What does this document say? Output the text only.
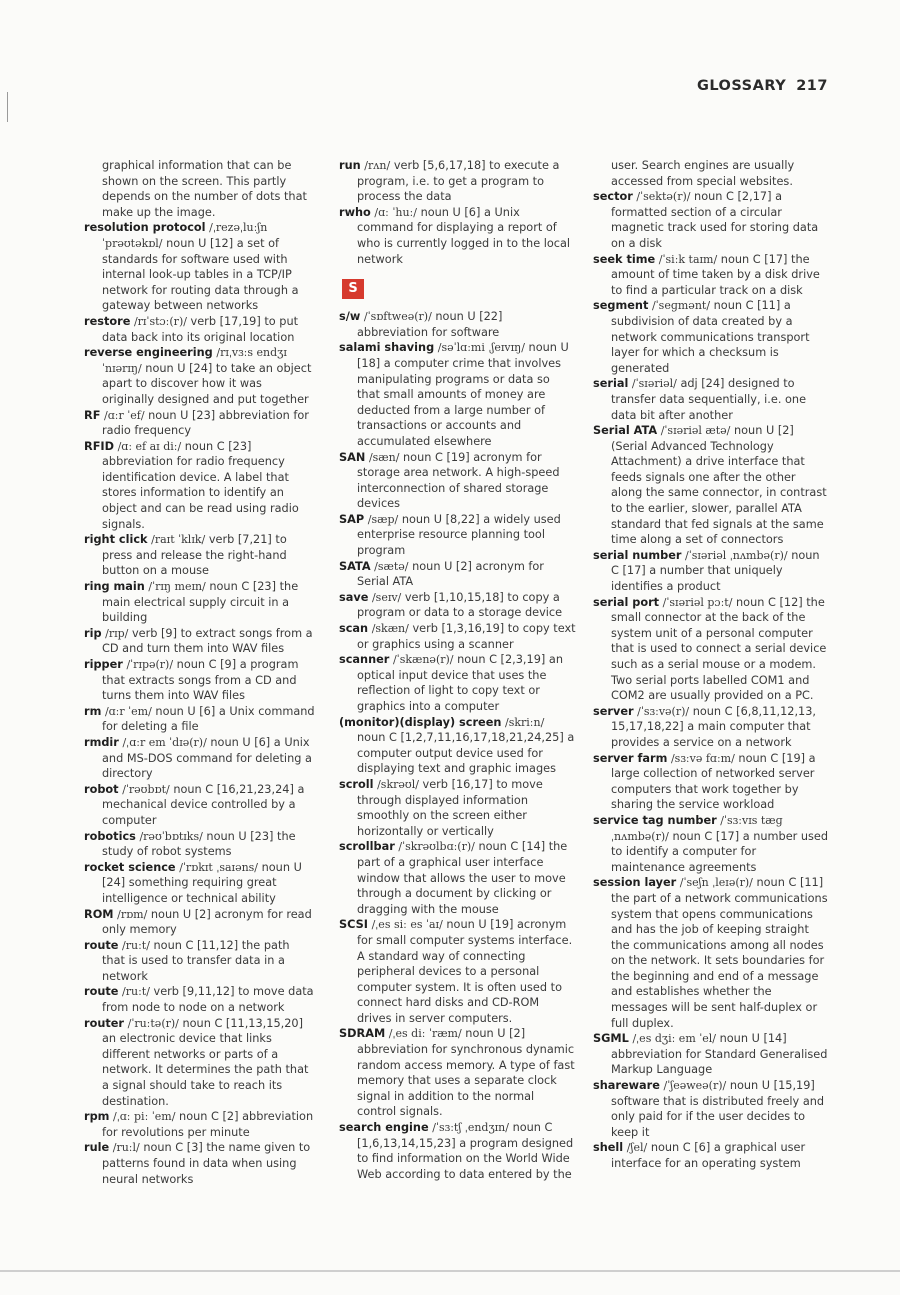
GLOSSARY 217

graphical information that can be shown on the screen. This partly depends on the number of dots that make up the image.

resolution protocol /ˌrezəˌluːʃn ˈprəʊtəkɒl/ noun U [12] a set of standards for software used with internal look-up tables in a TCP/IP network for routing data through a gateway between networks

restore /rɪˈstɔː(r)/ verb [17,19] to put data back into its original location

reverse engineering /rɪˌvɜːs endʒɪˈnɪərɪŋ/ noun U [24] to take an object apart to discover how it was originally designed and put together

RF /ɑːr ˈef/ noun U [23] abbreviation for radio frequency

RFID /ɑː ef aɪ diː/ noun C [23] abbreviation for radio frequency identification device. A label that stores information to identify an object and can be read using radio signals.

right click /raɪt ˈklɪk/ verb [7,21] to press and release the right-hand button on a mouse

ring main /ˈrɪŋ meɪn/ noun C [23] the main electrical supply circuit in a building

rip /rɪp/ verb [9] to extract songs from a CD and turn them into WAV files

ripper /ˈrɪpə(r)/ noun C [9] a program that extracts songs from a CD and turns them into WAV files

rm /ɑːr ˈem/ noun U [6] a Unix command for deleting a file

rmdir /ˌɑːr em ˈdɪə(r)/ noun U [6] a Unix and MS-DOS command for deleting a directory

robot /ˈrəʊbɒt/ noun C [16,21,23,24] a mechanical device controlled by a computer

robotics /rəʊˈbɒtɪks/ noun U [23] the study of robot systems

rocket science /ˈrɒkɪt ˌsaɪəns/ noun U [24] something requiring great intelligence or technical ability

ROM /rɒm/ noun U [2] acronym for read only memory

route /ruːt/ noun C [11,12] the path that is used to transfer data in a network

route /ruːt/ verb [9,11,12] to move data from node to node on a network

router /ˈruːtə(r)/ noun C [11,13,15,20] an electronic device that links different networks or parts of a network. It determines the path that a signal should take to reach its destination.

rpm /ˌɑː piː ˈem/ noun C [2] abbreviation for revolutions per minute

rule /ruːl/ noun C [3] the name given to patterns found in data when using neural networks

run /rʌn/ verb [5,6,17,18] to execute a program, i.e. to get a program to process the data

rwho /ɑː ˈhuː/ noun U [6] a Unix command for displaying a report of who is currently logged in to the local network

S

s/w /ˈsɒftweə(r)/ noun U [22] abbreviation for software

salami shaving /səˈlɑːmi ˌʃeɪvɪŋ/ noun U [18] a computer crime that involves manipulating programs or data so that small amounts of money are deducted from a large number of transactions or accounts and accumulated elsewhere

SAN /sæn/ noun C [19] acronym for storage area network. A high-speed interconnection of shared storage devices

SAP /sæp/ noun U [8,22] a widely used enterprise resource planning tool program

SATA /sætə/ noun U [2] acronym for Serial ATA

save /seɪv/ verb [1,10,15,18] to copy a program or data to a storage device

scan /skæn/ verb [1,3,16,19] to copy text or graphics using a scanner

scanner /ˈskænə(r)/ noun C [2,3,19] an optical input device that uses the reflection of light to copy text or graphics into a computer

(monitor)(display) screen /skriːn/ noun C [1,2,7,11,16,17,18,21,24,25] a computer output device used for displaying text and graphic images

scroll /skrəʊl/ verb [16,17] to move through displayed information smoothly on the screen either horizontally or vertically

scrollbar /ˈskrəʊlbɑː(r)/ noun C [14] the part of a graphical user interface window that allows the user to move through a document by clicking or dragging with the mouse

SCSI /ˌes siː es ˈaɪ/ noun U [19] acronym for small computer systems interface. A standard way of connecting peripheral devices to a personal computer system. It is often used to connect hard disks and CD-ROM drives in server computers.

SDRAM /ˌes diː ˈræm/ noun U [2] abbreviation for synchronous dynamic random access memory. A type of fast memory that uses a separate clock signal in addition to the normal control signals.

search engine /ˈsɜːtʃ ˌendʒɪn/ noun C [1,6,13,14,15,23] a program designed to find information on the World Wide Web according to data entered by the

user. Search engines are usually accessed from special websites.

sector /ˈsektə(r)/ noun C [2,17] a formatted section of a circular magnetic track used for storing data on a disk

seek time /ˈsiːk taɪm/ noun C [17] the amount of time taken by a disk drive to find a particular track on a disk

segment /ˈseɡmənt/ noun C [11] a subdivision of data created by a network communications transport layer for which a checksum is generated

serial /ˈsɪəriəl/ adj [24] designed to transfer data sequentially, i.e. one data bit after another

Serial ATA /ˈsɪəriəl ætə/ noun U [2] (Serial Advanced Technology Attachment) a drive interface that feeds signals one after the other along the same connector, in contrast to the earlier, slower, parallel ATA standard that fed signals at the same time along a set of connectors

serial number /ˈsɪəriəl ˌnʌmbə(r)/ noun C [17] a number that uniquely identifies a product

serial port /ˈsɪəriəl pɔːt/ noun C [12] the small connector at the back of the system unit of a personal computer that is used to connect a serial device such as a serial mouse or a modem. Two serial ports labelled COM1 and COM2 are usually provided on a PC.

server /ˈsɜːvə(r)/ noun C [6,8,11,12,13, 15,17,18,22] a main computer that provides a service on a network

server farm /sɜːvə fɑːm/ noun C [19] a large collection of networked server computers that work together by sharing the service workload

service tag number /ˈsɜːvɪs tæɡ ˌnʌmbə(r)/ noun C [17] a number used to identify a computer for maintenance agreements

session layer /ˈseʃn ˌleɪə(r)/ noun C [11] the part of a network communications system that opens communications and has the job of keeping straight the communications among all nodes on the network. It sets boundaries for the beginning and end of a message and establishes whether the messages will be sent half-duplex or full duplex.

SGML /ˌes dʒiː em ˈel/ noun U [14] abbreviation for Standard Generalised Markup Language

shareware /ˈʃeəweə(r)/ noun U [15,19] software that is distributed freely and only paid for if the user decides to keep it

shell /ʃel/ noun C [6] a graphical user interface for an operating system
